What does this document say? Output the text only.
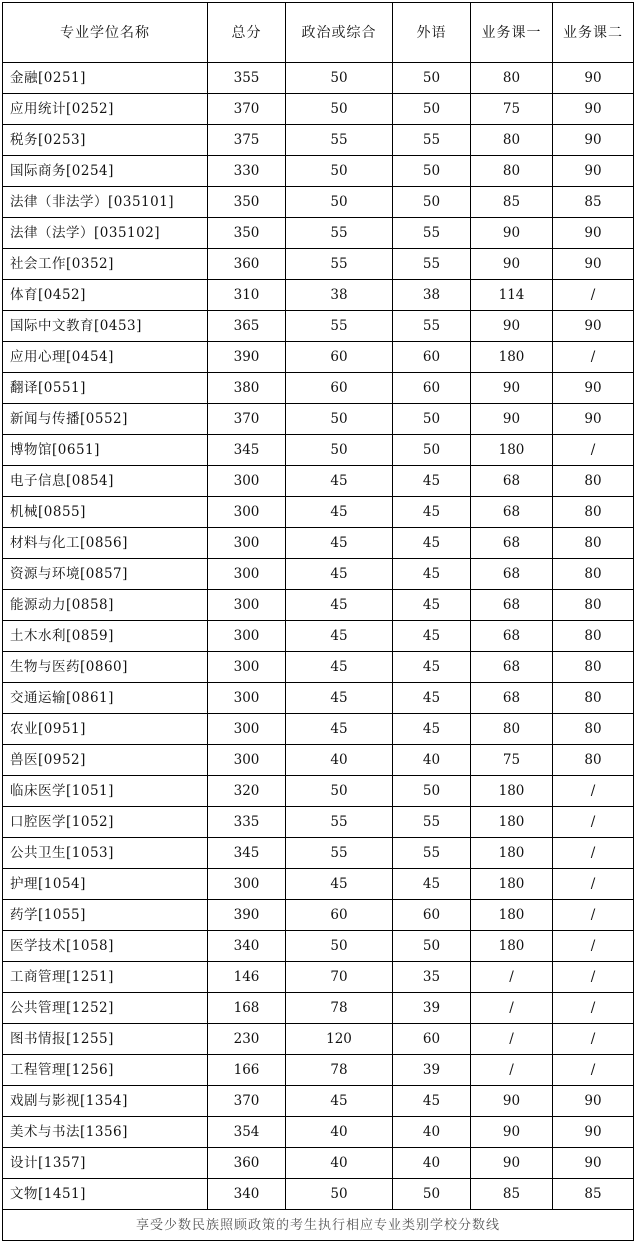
专业学位名称	总分	政治或综合	外语	业务课一	业务课二
金融[0251]	355	50	50	80	90
应用统计[0252]	370	50	50	75	90
税务[0253]	375	55	55	80	90
国际商务[0254]	330	50	50	80	90
法律（非法学）[035101]	350	50	50	85	85
法律（法学）[035102]	350	55	55	90	90
社会工作[0352]	360	55	55	90	90
体育[0452]	310	38	38	114	/
国际中文教育[0453]	365	55	55	90	90
应用心理[0454]	390	60	60	180	/
翻译[0551]	380	60	60	90	90
新闻与传播[0552]	370	50	50	90	90
博物馆[0651]	345	50	50	180	/
电子信息[0854]	300	45	45	68	80
机械[0855]	300	45	45	68	80
材料与化工[0856]	300	45	45	68	80
资源与环境[0857]	300	45	45	68	80
能源动力[0858]	300	45	45	68	80
土木水利[0859]	300	45	45	68	80
生物与医药[0860]	300	45	45	68	80
交通运输[0861]	300	45	45	68	80
农业[0951]	300	45	45	80	80
兽医[0952]	300	40	40	75	80
临床医学[1051]	320	50	50	180	/
口腔医学[1052]	335	55	55	180	/
公共卫生[1053]	345	55	55	180	/
护理[1054]	300	45	45	180	/
药学[1055]	390	60	60	180	/
医学技术[1058]	340	50	50	180	/
工商管理[1251]	146	70	35	/	/
公共管理[1252]	168	78	39	/	/
图书情报[1255]	230	120	60	/	/
工程管理[1256]	166	78	39	/	/
戏剧与影视[1354]	370	45	45	90	90
美术与书法[1356]	354	40	40	90	90
设计[1357]	360	40	40	90	90
文物[1451]	340	50	50	85	85
享受少数民族照顾政策的考生执行相应专业类别学校分数线					
